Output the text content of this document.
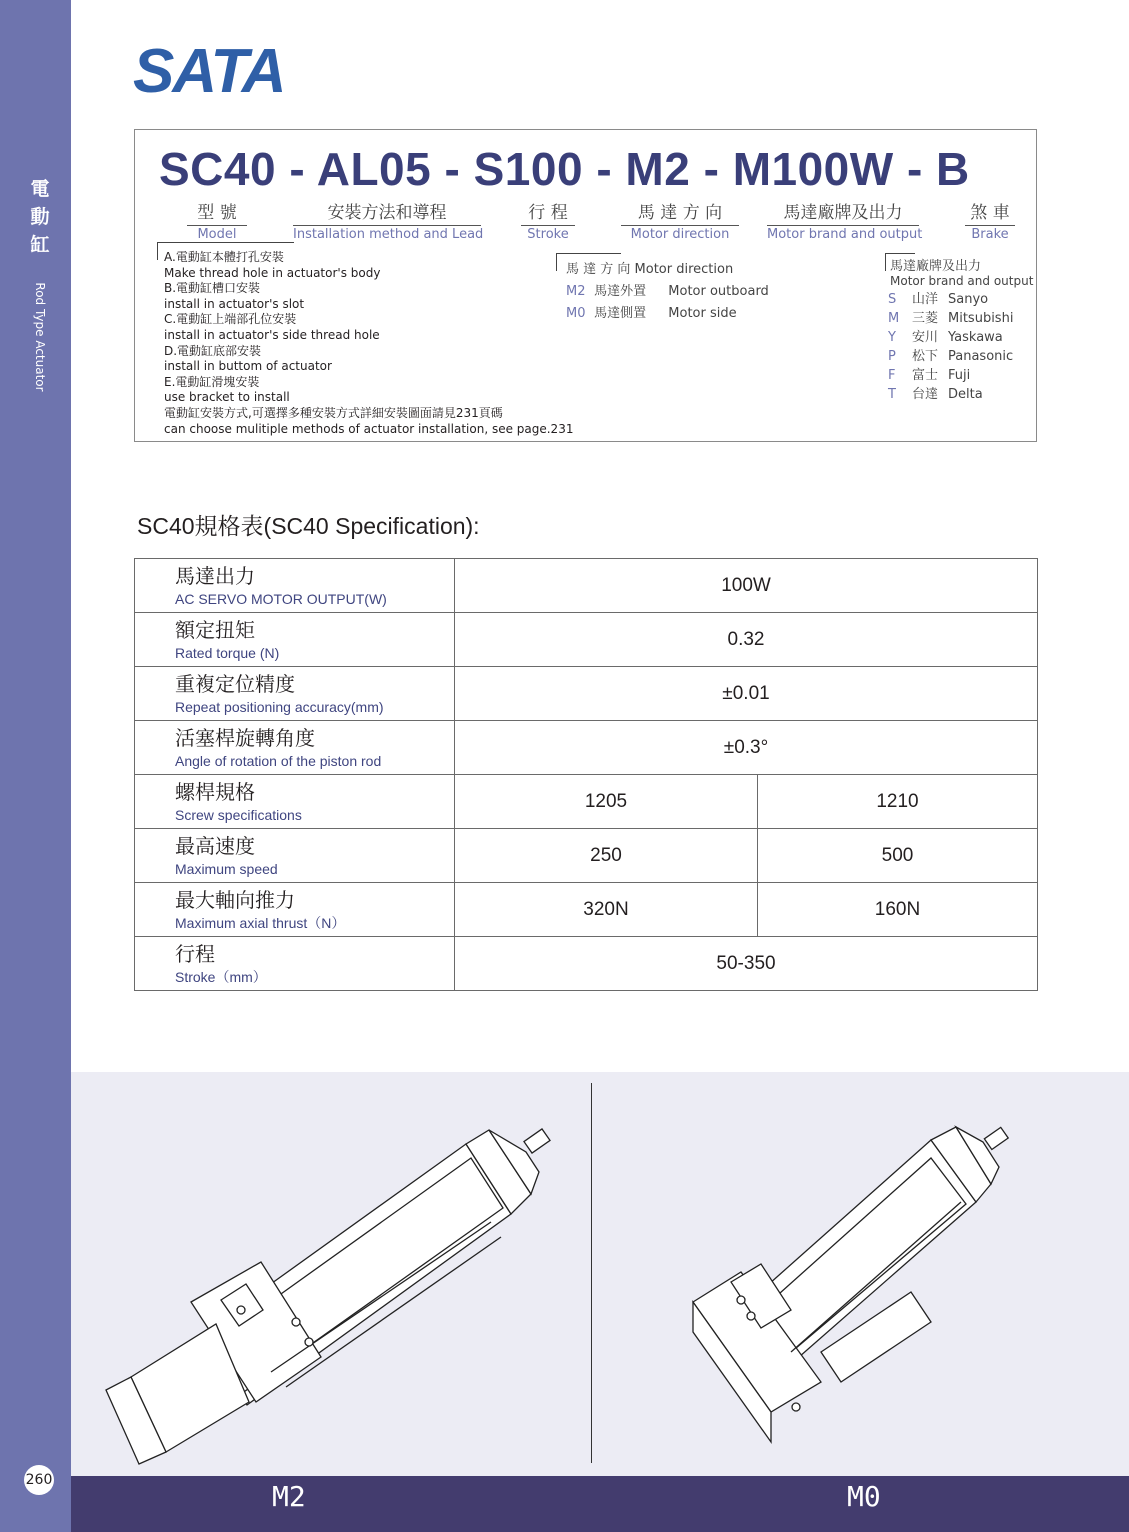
電
動
缸
Rod Type Actuator
260
SATA
SC40 - AL05 - S100 - M2 - M100W - B
型 號
Model
安裝方法和導程
Installation method and Lead
行 程
Stroke
馬 達 方 向
Motor direction
馬達廠牌及出力
Motor brand and output
煞 車
Brake
A.電動缸本體打孔安裝
Make thread hole in actuator's body
B.電動缸槽口安裝
install in actuator's slot
C.電動缸上端部孔位安裝
install in actuator's side thread hole
D.電動缸底部安裝
install in buttom of actuator
E.電動缸滑塊安裝
use bracket to install
電動缸安裝方式,可選擇多種安裝方式詳細安裝圖面請見231頁碼
can choose mulitiple methods of actuator installation, see page.231
馬 達 方 向 Motor direction
M2 馬達外置 Motor outboard
M0 馬達側置 Motor side
馬達廠牌及出力
Motor brand and output
S 山洋 Sanyo
M 三菱 Mitsubishi
Y 安川 Yaskawa
P 松下 Panasonic
F 富士 Fuji
T 台達 Delta
SC40規格表(SC40 Specification):
馬達出力
AC SERVO MOTOR OUTPUT(W)	100W	

額定扭矩
Rated torque (N)	0.32	

重複定位精度
Repeat positioning accuracy(mm)	±0.01	

活塞桿旋轉角度
Angle of rotation of the piston rod	±0.3°	

螺桿規格
Screw specifications	1205	1210

最高速度
Maximum speed	250	500

最大軸向推力
Maximum axial thrust（N）	320N	160N

行程
Stroke（mm）	50-350	
M2	M0
